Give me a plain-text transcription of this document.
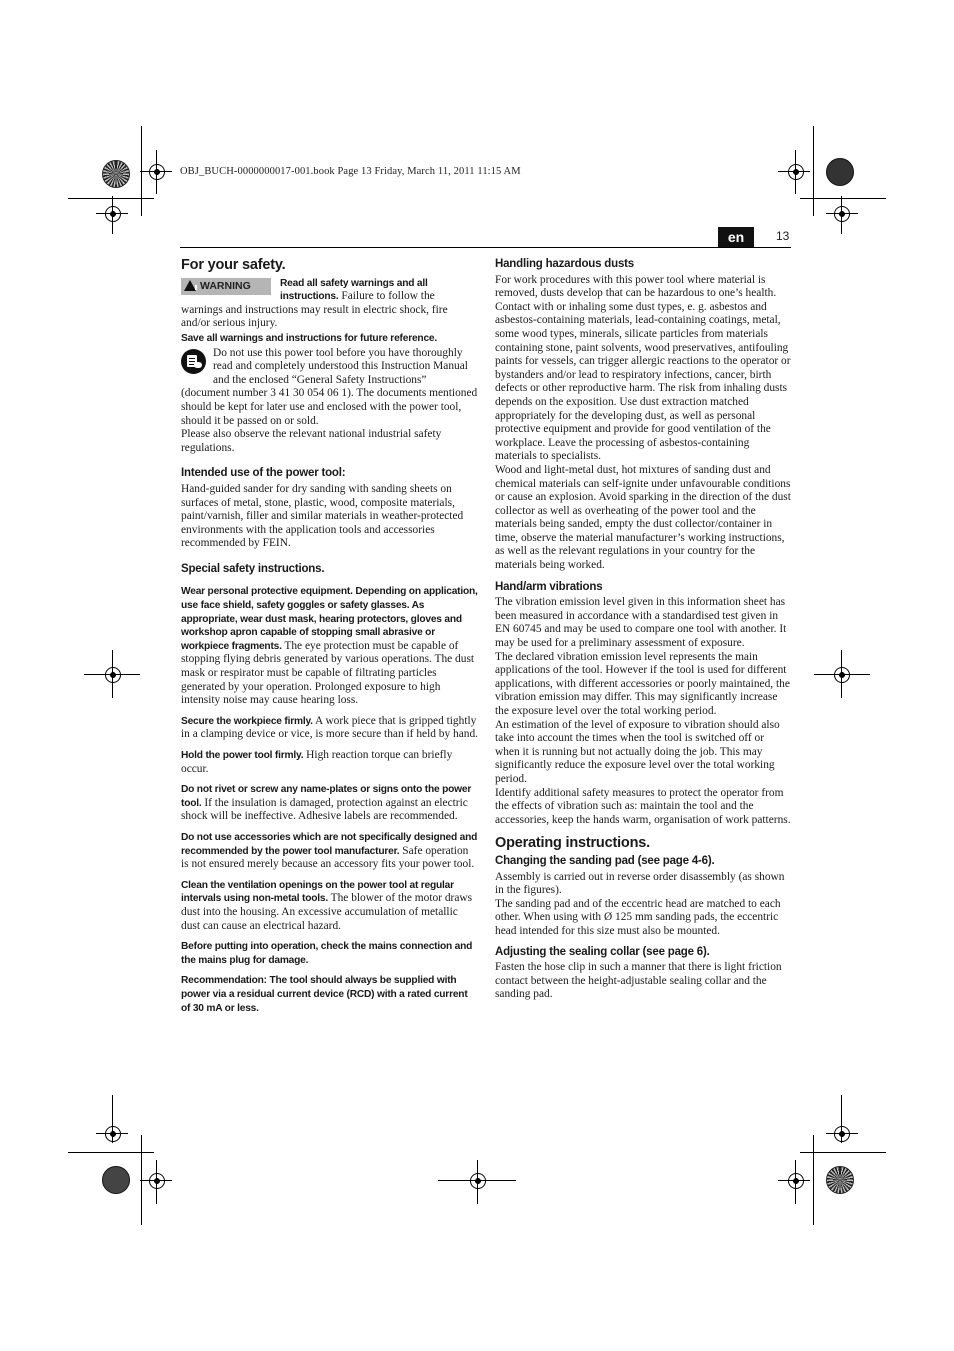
OBJ_BUCH-0000000017-001.book Page 13 Friday, March 11, 2011 11:15 AM
en	13
For your safety.
WARNING	Read all safety warnings and all instructions. Failure to follow the warnings and instructions may result in electric shock, fire and/or serious injury.

Save all warnings and instructions for future reference.

Do not use this power tool before you have thoroughly read and completely understood this Instruction Manual and the enclosed “General Safety Instructions” (document number 3 41 30 054 06 1). The documents mentioned should be kept for later use and enclosed with the power tool, should it be passed on or sold.

Please also observe the relevant national industrial safety regulations.

Intended use of the power tool:

Hand-guided sander for dry sanding with sanding sheets on surfaces of metal, stone, plastic, wood, composite materials, paint/varnish, filler and similar materials in weather-protected environments with the application tools and accessories recommended by FEIN.

Special safety instructions.

Wear personal protective equipment. Depending on application, use face shield, safety goggles or safety glasses. As appropriate, wear dust mask, hearing protectors, gloves and workshop apron capable of stopping small abrasive or workpiece fragments. The eye protection must be capable of stopping flying debris generated by various operations. The dust mask or respirator must be capable of filtrating particles generated by your operation. Prolonged exposure to high intensity noise may cause hearing loss.

Secure the workpiece firmly. A work piece that is gripped tightly in a clamping device or vice, is more secure than if held by hand.

Hold the power tool firmly. High reaction torque can briefly occur.

Do not rivet or screw any name-plates or signs onto the power tool. If the insulation is damaged, protection against an electric shock will be ineffective. Adhesive labels are recommended.

Do not use accessories which are not specifically designed and recommended by the power tool manufacturer. Safe operation is not ensured merely because an accessory fits your power tool.

Clean the ventilation openings on the power tool at regular intervals using non-metal tools. The blower of the motor draws dust into the housing. An excessive accumulation of metallic dust can cause an electrical hazard.

Before putting into operation, check the mains connection and the mains plug for damage.

Recommendation: The tool should always be supplied with power via a residual current device (RCD) with a rated current of 30 mA or less.

Handling hazardous dusts

For work procedures with this power tool where material is removed, dusts develop that can be hazardous to one’s health.

Contact with or inhaling some dust types, e. g. asbestos and asbestos-containing materials, lead-containing coatings, metal, some wood types, minerals, silicate particles from materials containing stone, paint solvents, wood preservatives, antifouling paints for vessels, can trigger allergic reactions to the operator or bystanders and/or lead to respiratory infections, cancer, birth defects or other reproductive harm. The risk from inhaling dusts depends on the exposition. Use dust extraction matched appropriately for the developing dust, as well as personal protective equipment and provide for good ventilation of the workplace. Leave the processing of asbestos-containing materials to specialists.

Wood and light-metal dust, hot mixtures of sanding dust and chemical materials can self-ignite under unfavourable conditions or cause an explosion. Avoid sparking in the direction of the dust collector as well as overheating of the power tool and the materials being sanded, empty the dust collector/container in time, observe the material manufacturer’s working instructions, as well as the relevant regulations in your country for the materials being worked.

Hand/arm vibrations

The vibration emission level given in this information sheet has been measured in accordance with a standardised test given in EN 60745 and may be used to compare one tool with another. It may be used for a preliminary assessment of exposure.

The declared vibration emission level represents the main applications of the tool. However if the tool is used for different applications, with different accessories or poorly maintained, the vibration emission may differ. This may significantly increase the exposure level over the total working period.

An estimation of the level of exposure to vibration should also take into account the times when the tool is switched off or when it is running but not actually doing the job. This may significantly reduce the exposure level over the total working period.

Identify additional safety measures to protect the operator from the effects of vibration such as: maintain the tool and the accessories, keep the hands warm, organisation of work patterns.

Operating instructions.
Changing the sanding pad (see page 4-6).

Assembly is carried out in reverse order disassembly (as shown in the figures).

The sanding pad and of the eccentric head are matched to each other. When using with Ø 125 mm sanding pads, the eccentric head intended for this size must also be mounted.

Adjusting the sealing collar (see page 6).

Fasten the hose clip in such a manner that there is light friction contact between the height-adjustable sealing collar and the sanding pad.
